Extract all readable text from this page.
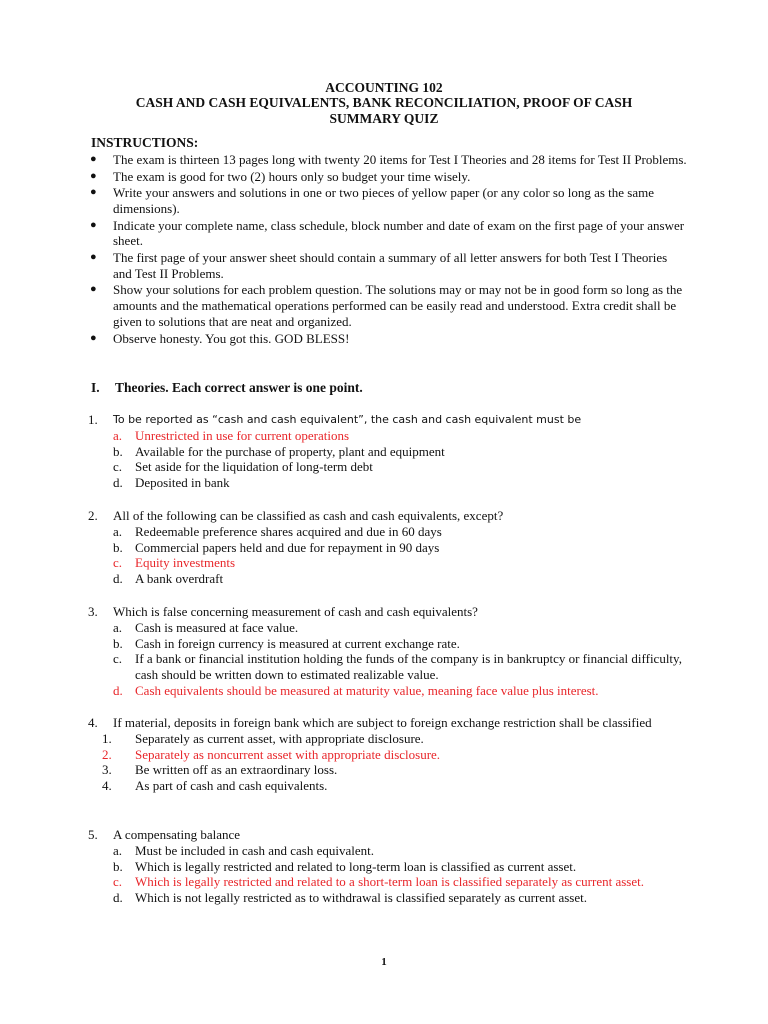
ACCOUNTING 102
CASH AND CASH EQUIVALENTS, BANK RECONCILIATION, PROOF OF CASH
SUMMARY QUIZ
INSTRUCTIONS:
● The exam is thirteen 13 pages long with twenty 20 items for Test I Theories and 28 items for Test II Problems.
● The exam is good for two (2) hours only so budget your time wisely.
● Write your answers and solutions in one or two pieces of yellow paper (or any color so long as the same dimensions).
● Indicate your complete name, class schedule, block number and date of exam on the first page of your answer sheet.
● The first page of your answer sheet should contain a summary of all letter answers for both Test I Theories and Test II Problems.
● Show your solutions for each problem question. The solutions may or may not be in good form so long as the amounts and the mathematical operations performed can be easily read and understood. Extra credit shall be given to solutions that are neat and organized.
● Observe honesty. You got this. GOD BLESS!
I. Theories. Each correct answer is one point.
1.	To be reported as “cash and cash equivalent”, the cash and cash equivalent must be
a. Unrestricted in use for current operations
b. Available for the purchase of property, plant and equipment
c. Set aside for the liquidation of long-term debt
d. Deposited in bank
2.	All of the following can be classified as cash and cash equivalents, except?
a. Redeemable preference shares acquired and due in 60 days
b. Commercial papers held and due for repayment in 90 days
c. Equity investments
d. A bank overdraft
3.	Which is false concerning measurement of cash and cash equivalents?
a. Cash is measured at face value.
b. Cash in foreign currency is measured at current exchange rate.
c. If a bank or financial institution holding the funds of the company is in bankruptcy or financial difficulty, cash should be written down to estimated realizable value.
d. Cash equivalents should be measured at maturity value, meaning face value plus interest.
4.	If material, deposits in foreign bank which are subject to foreign exchange restriction shall be classified
1. Separately as current asset, with appropriate disclosure.
2. Separately as noncurrent asset with appropriate disclosure.
3. Be written off as an extraordinary loss.
4. As part of cash and cash equivalents.
5.	A compensating balance
a. Must be included in cash and cash equivalent.
b. Which is legally restricted and related to long-term loan is classified as current asset.
c. Which is legally restricted and related to a short-term loan is classified separately as current asset.
d. Which is not legally restricted as to withdrawal is classified separately as current asset.
1
